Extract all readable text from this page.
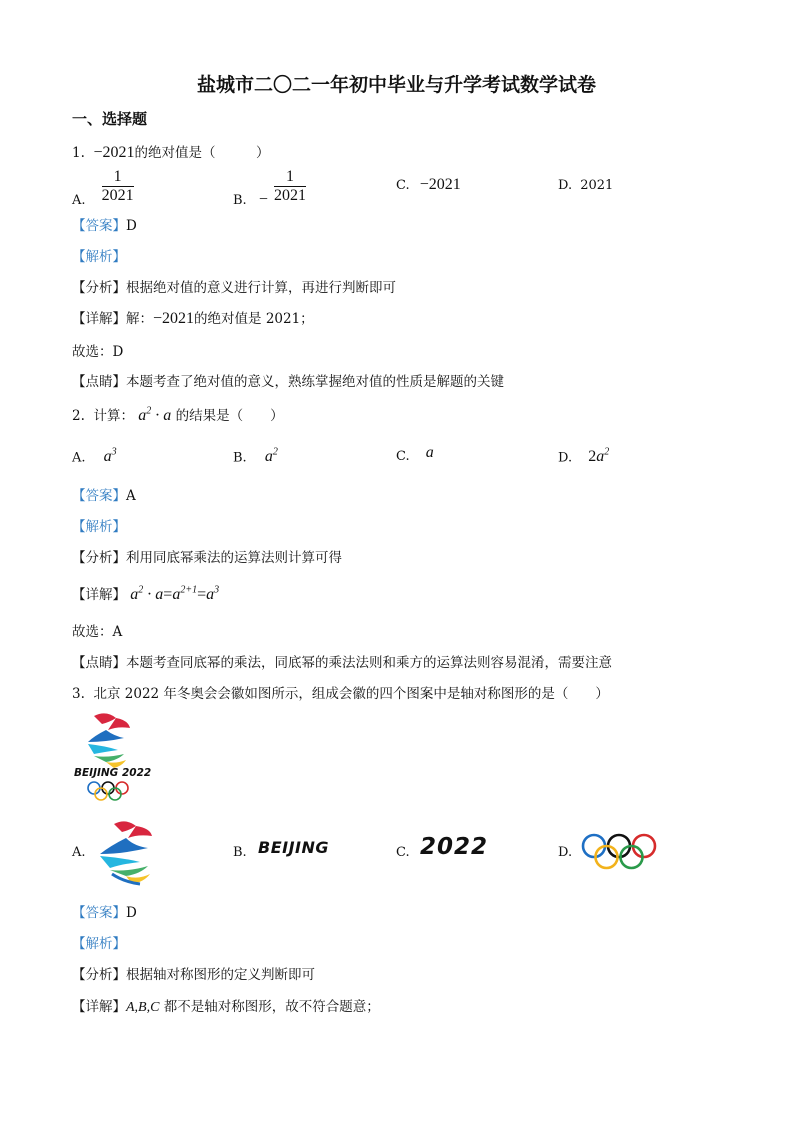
盐城市二〇二一年初中毕业与升学考试数学试卷
一、选择题
1. −2021的绝对值是（　　　）
A. $\frac{1}{2021}$	B. − $\frac{1}{2021}$	C. −2021	D. 2021
【答案】D
【解析】
【分析】根据绝对值的意义进行计算，再进行判断即可
【详解】解：−2021的绝对值是 2021；
故选：D
【点睛】本题考查了绝对值的意义，熟练掌握绝对值的性质是解题的关键
2. 计算： $a^2 \cdot a$ 的结果是（　　）
A. $a^3$	B. $a^2$	C. a	D. $2a^2$
【答案】A
【解析】
【分析】利用同底幂乘法的运算法则计算可得
【详解】 $a^2 \cdot a=a^{2+1}=a^3$
故选：A
【点睛】本题考查同底幂的乘法，同底幂的乘法法则和乘方的运算法则容易混淆，需要注意
3. 北京 2022 年冬奥会会徽如图所示，组成会徽的四个图案中是轴对称图形的是（　　）
BEIJING 2022
A.	B. BEIJING	C. 2022	D.
【答案】D
【解析】
【分析】根据轴对称图形的定义判断即可
【详解】A,B,C 都不是轴对称图形，故不符合题意；
